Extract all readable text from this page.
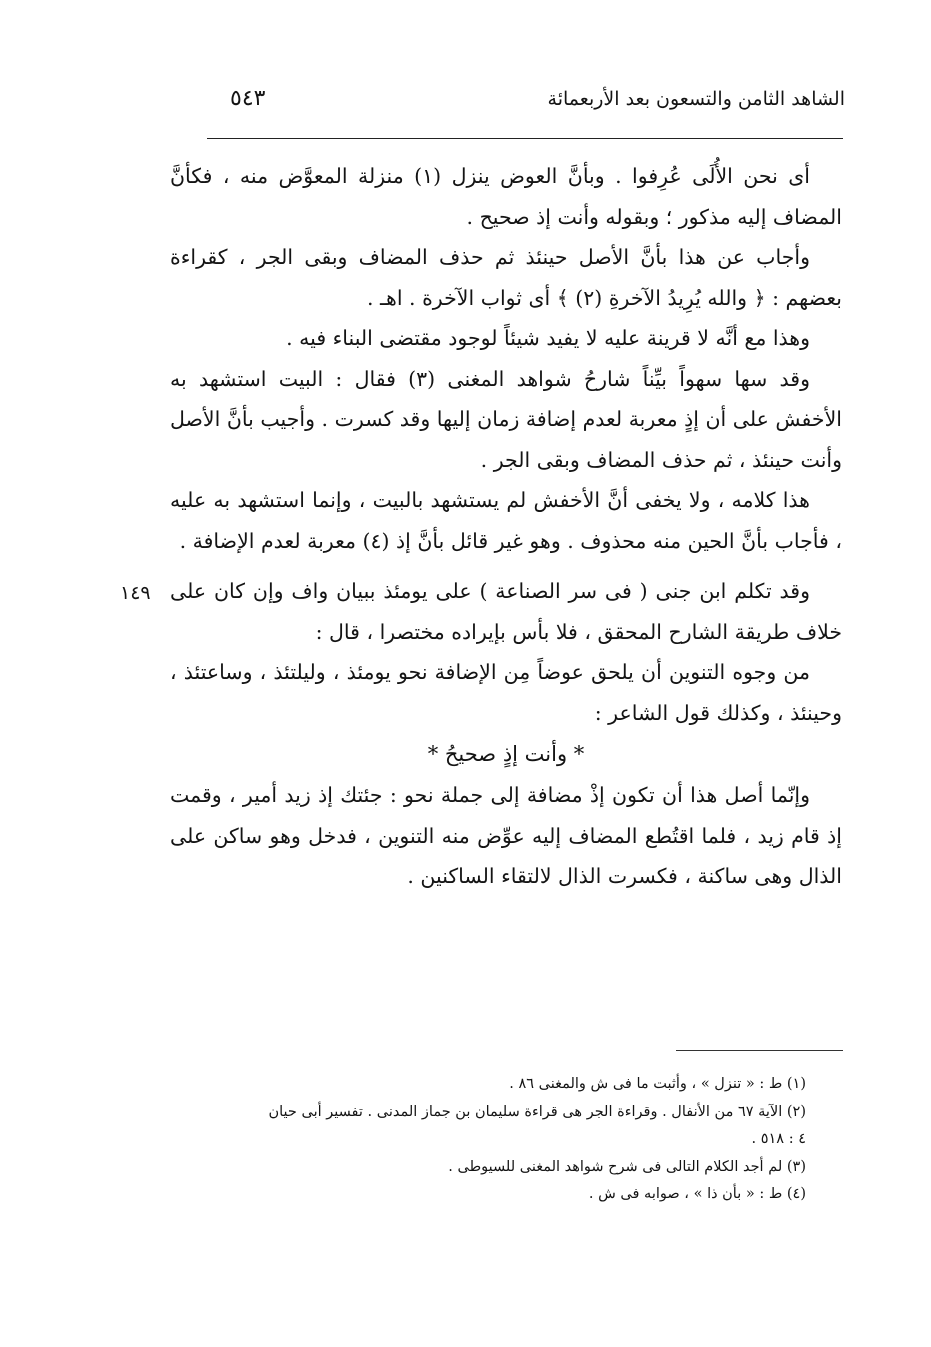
الشاهد الثامن والتسعون بعد الأربعمائة
٥٤٣

أى نحن الأُلَى عُرِفوا . وبأنَّ العوض ينزل (١) منزلة المعوَّض منه ، فكأنَّ المضاف إليه مذكور ؛ وبقوله وأنت إذ صحيح .

وأجاب عن هذا بأنَّ الأصل حينئذ ثم حذف المضاف وبقى الجر ، كقراءة بعضهم : ﴿ والله يُرِيدُ الآخرةِ (٢) ﴾ أى ثواب الآخرة . اهـ .

وهذا مع أنَّه لا قرينة عليه لا يفيد شيئاً لوجود مقتضى البناء فيه .

وقد سها سهواً بيِّناً شارحُ شواهد المغنى (٣) فقال : البيت استشهد به الأخفش على أن إذٍ معربة لعدم إضافة زمان إليها وقد كسرت . وأجيب بأنَّ الأصل وأنت حينئذ ، ثم حذف المضاف وبقى الجر .

هذا كلامه ، ولا يخفى أنَّ الأخفش لم يستشهد بالبيت ، وإنما استشهد به عليه ، فأجاب بأنَّ الحين منه محذوف . وهو غير قائل بأنَّ إذ (٤) معربة لعدم الإضافة .

وقد تكلم ابن جنى ( فى سر الصناعة ) على يومئذ ببيان واف وإن كان على خلاف طريقة الشارح المحقق ، فلا بأس بإيراده مختصرا ، قال :

من وجوه التنوين أن يلحق عوضاً مِن الإضافة نحو يومئذ ، وليلتئذ ، وساعتئذ ، وحينئذ ، وكذلك قول الشاعر :

* وأنت إذٍ صحيحُ *

وإنّما أصل هذا أن تكون إذْ مضافة إلى جملة نحو : جئتك إذ زيد أمير ، وقمت إذ قام زيد ، فلما اقتُطع المضاف إليه عوِّض منه التنوين ، فدخل وهو ساكن على الذال وهى ساكنة ، فكسرت الذال لالتقاء الساكنين .

١٤٩

(١) ط : « تنزل » ، وأثبت ما فى ش والمغنى ٨٦ .

(٢) الآية ٦٧ من الأنفال . وقراءة الجر هى قراءة سليمان بن جماز المدنى . تفسير أبى حيان

٤ : ٥١٨ .

(٣) لم أجد الكلام التالى فى شرح شواهد المغنى للسيوطى .

(٤) ط : « بأن ذا » ، صوابه فى ش .
